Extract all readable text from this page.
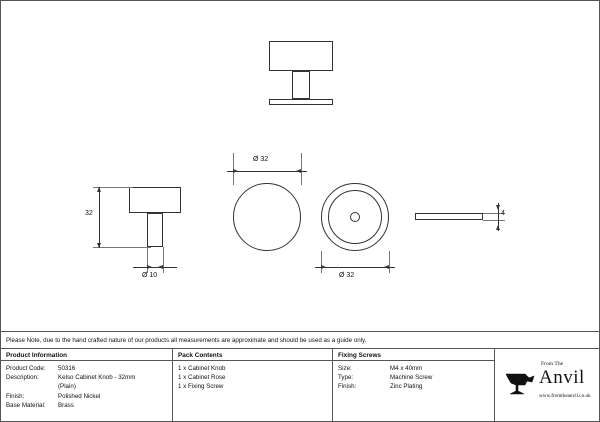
32
Ø 10
Ø 32
Ø 32
4
Please Note, due to the hand crafted nature of our products all measurements are approximate and should be used as a guide only.
Product Information
Product Code:	50316
Description:	Kelso Cabinet Knob - 32mm
(Plain)
Finish:	Polished Nickel
Base Material:	Brass
Pack Contents
1 x Cabinet Knob
1 x Cabinet Rose
1 x Fixing Screw
Fixing Screws
Size:	M4 x 40mm
Type:	Machine Screw
Finish:	Zinc Plating
From The
Anvil
www.fromtheanvil.co.uk
